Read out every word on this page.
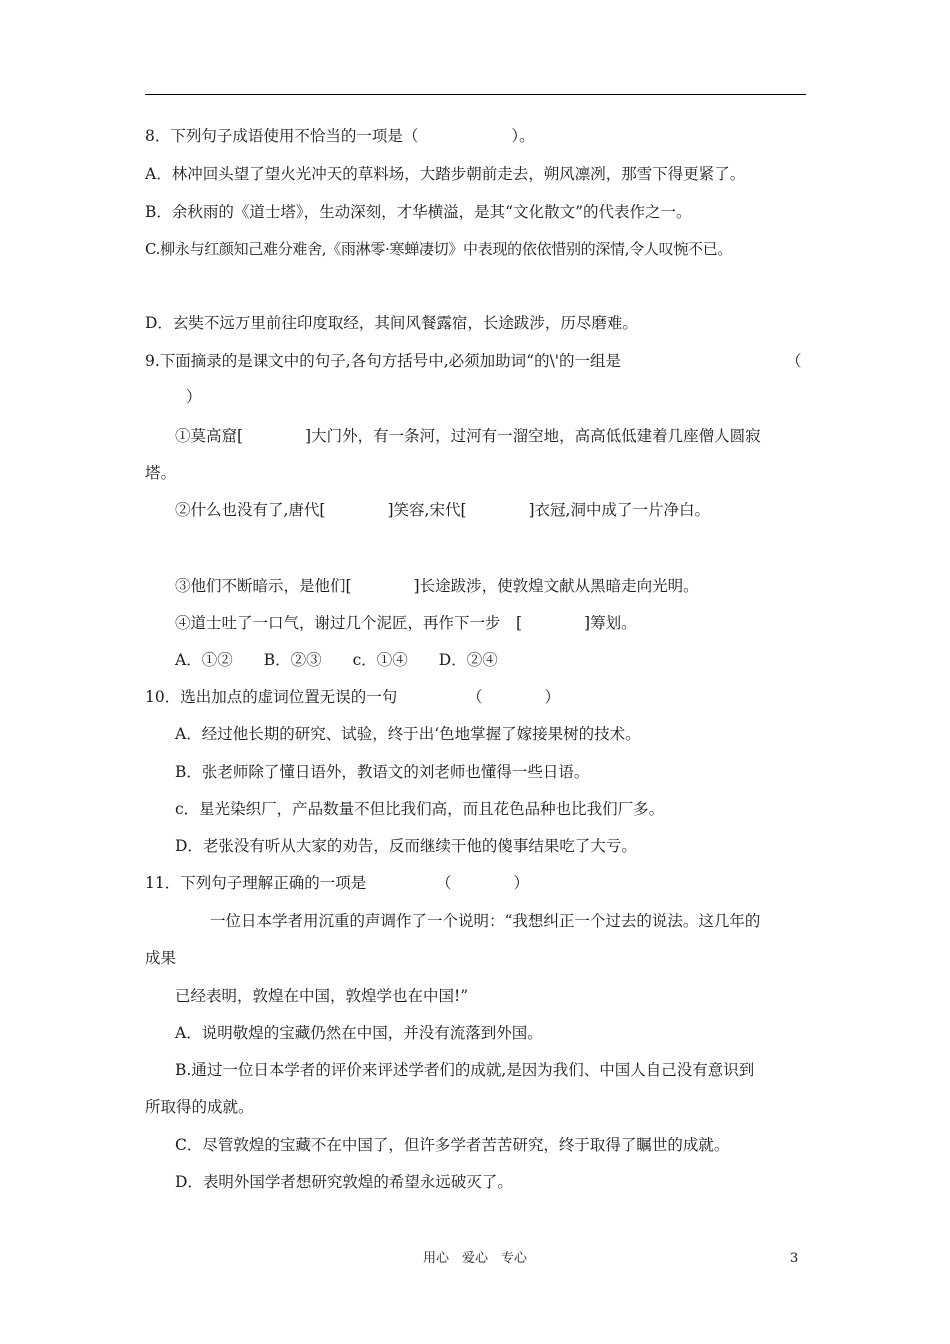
8．下列句子成语使用不恰当的一项是（　　　　　　）。
A．林冲回头望了望火光冲天的草料场，大踏步朝前走去，朔风凛冽，那雪下得更紧了。
B．余秋雨的《道士塔》，生动深刻，才华横溢，是其“文化散文”的代表作之一。
C.柳永与红颜知己难分难舍,《雨淋零·寒蝉凄切》中表现的依依惜别的深情,令人叹惋不已。
D．玄奘不远万里前往印度取经，其间风餐露宿，长途跋涉，历尽磨难。
9.下面摘录的是课文中的句子,各句方括号中,必须加助词“的\'的一组是	（
）
①莫高窟[　　　　]大门外，有一条河，过河有一溜空地，高高低低建着几座僧人圆寂
塔。
②什么也没有了,唐代[　　　　]笑容,宋代[　　　　]衣冠,洞中成了一片净白。
③他们不断暗示，是他们[　　　　]长途跋涉，使敦煌文献从黑暗走向光明。
④道士吐了一口气，谢过几个泥匠，再作下一步　[　　　　]筹划。
A．①②　　B．②③　　c．①④　　D．②④
10．选出加点的虚词位置无误的一句　　　　　（　　　　）
A．经过他长期的研究、试验，终于出‘色地掌握了嫁接果树的技术。
B．张老师除了懂日语外，教语文的刘老师也懂得一些日语。
c．星光染织厂，产品数量不但比我们高，而且花色品种也比我们厂多。
D．老张没有听从大家的劝告，反而继续干他的傻事结果吃了大亏。
11．下列句子理解正确的一项是　　　　　（　　　　）
一位日本学者用沉重的声调作了一个说明：“我想纠正一个过去的说法。这几年的
成果
已经表明，敦煌在中国，敦煌学也在中国!”
A．说明敬煌的宝藏仍然在中国，并没有流落到外国。
B.通过一位日本学者的评价来评述学者们的成就,是因为我们、中国人自己没有意识到
所取得的成就。
C．尽管敦煌的宝藏不在中国了，但许多学者苦苦研究，终于取得了瞩世的成就。
D．表明外国学者想研究敦煌的希望永远破灭了。
用心　爱心　专心	3
